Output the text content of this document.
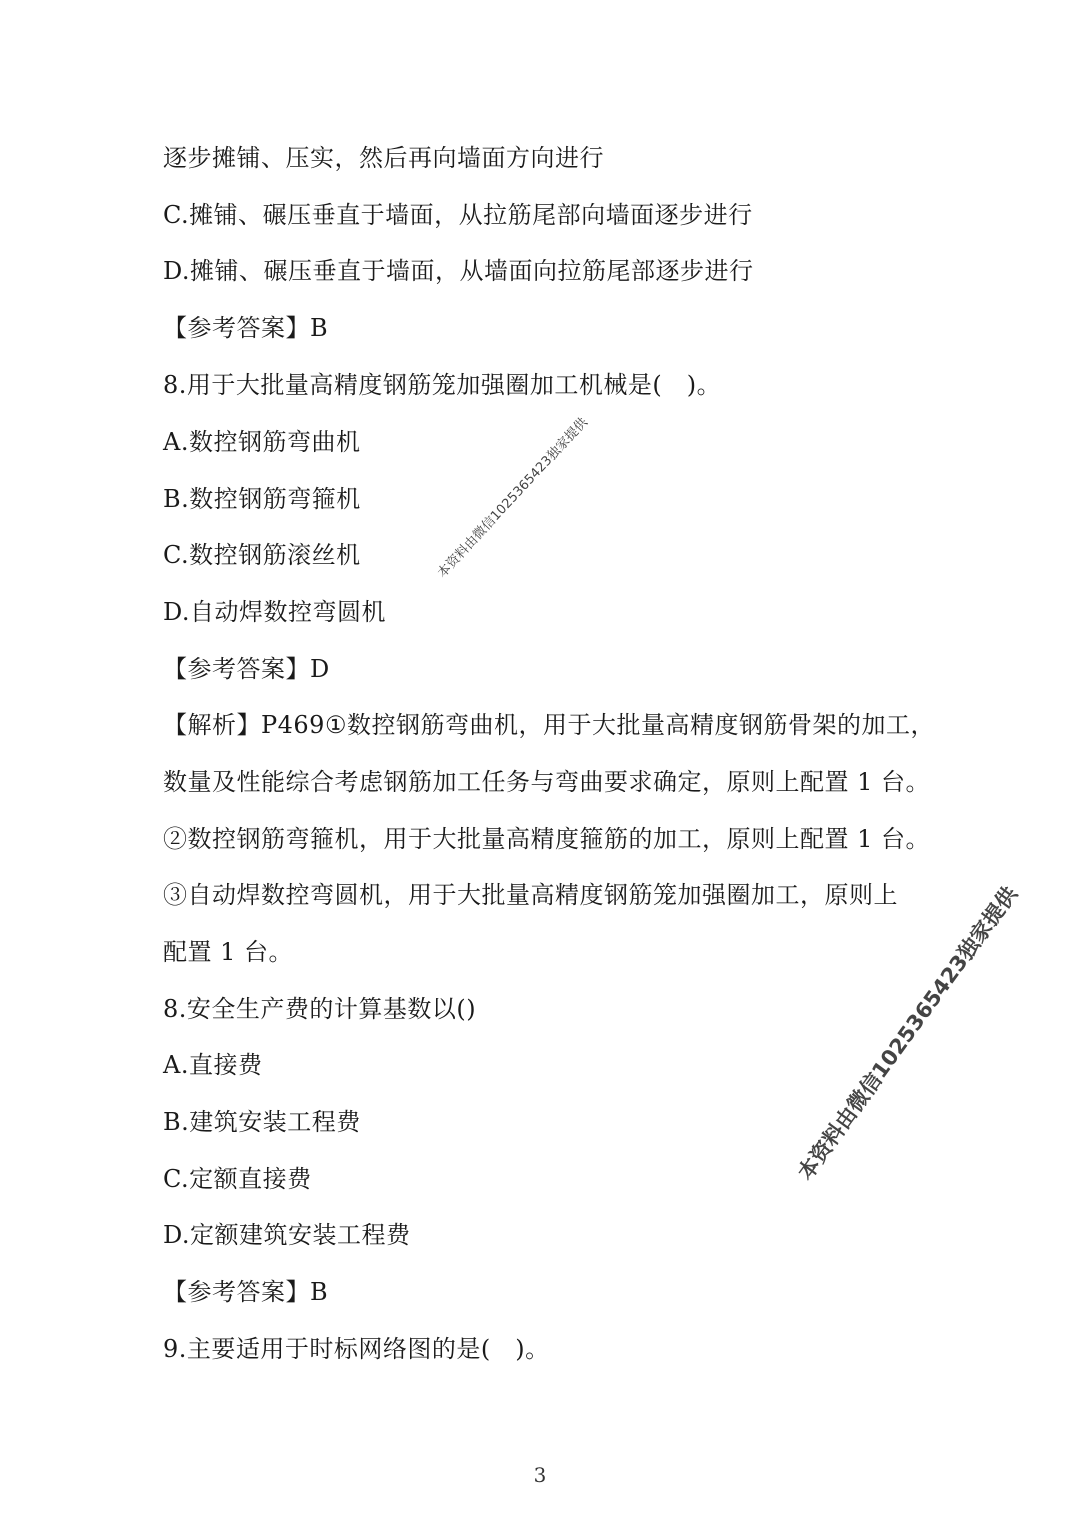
逐步摊铺、压实，然后再向墙面方向进行
C.摊铺、碾压垂直于墙面，从拉筋尾部向墙面逐步进行
D.摊铺、碾压垂直于墙面，从墙面向拉筋尾部逐步进行
【参考答案】B
8.用于大批量高精度钢筋笼加强圈加工机械是(　)。
A.数控钢筋弯曲机
B.数控钢筋弯箍机
C.数控钢筋滚丝机
D.自动焊数控弯圆机
【参考答案】D
【解析】P469①数控钢筋弯曲机，用于大批量高精度钢筋骨架的加工，
数量及性能综合考虑钢筋加工任务与弯曲要求确定，原则上配置 1 台。
②数控钢筋弯箍机，用于大批量高精度箍筋的加工，原则上配置 1 台。
③自动焊数控弯圆机，用于大批量高精度钢筋笼加强圈加工，原则上
配置 1 台。
8.安全生产费的计算基数以()
A.直接费
B.建筑安装工程费
C.定额直接费
D.定额建筑安装工程费
【参考答案】B
9.主要适用于时标网络图的是(　)。
本资料由微信1025365423独家提供
本资料由微信1025365423独家提供
3
